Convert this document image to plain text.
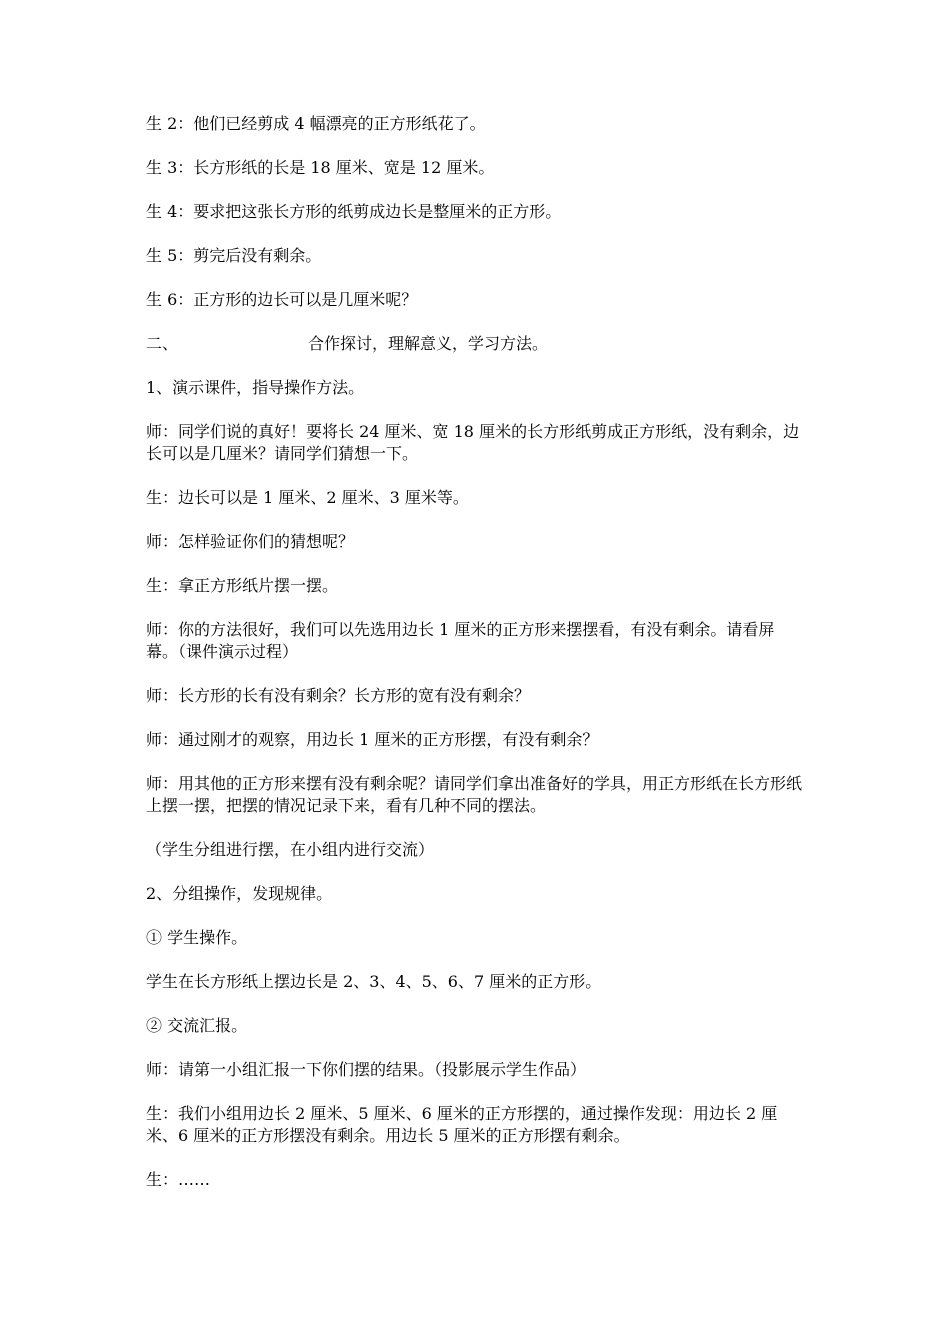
生 2：他们已经剪成 4 幅漂亮的正方形纸花了。

生 3：长方形纸的长是 18 厘米、宽是 12 厘米。

生 4：要求把这张长方形的纸剪成边长是整厘米的正方形。

生 5：剪完后没有剩余。

生 6：正方形的边长可以是几厘米呢？

二、	合作探讨，理解意义，学习方法。

1、演示课件，指导操作方法。

师：同学们说的真好！要将长 24 厘米、宽 18 厘米的长方形纸剪成正方形纸，没有剩余，边长可以是几厘米？请同学们猜想一下。

生：边长可以是 1 厘米、2 厘米、3 厘米等。

师：怎样验证你们的猜想呢？

生：拿正方形纸片摆一摆。

师：你的方法很好，我们可以先选用边长 1 厘米的正方形来摆摆看，有没有剩余。请看屏幕。（课件演示过程）

师：长方形的长有没有剩余？长方形的宽有没有剩余？

师：通过刚才的观察，用边长 1 厘米的正方形摆，有没有剩余？

师：用其他的正方形来摆有没有剩余呢？请同学们拿出准备好的学具，用正方形纸在长方形纸上摆一摆，把摆的情况记录下来，看有几种不同的摆法。

（学生分组进行摆，在小组内进行交流）

2、分组操作，发现规律。

① 学生操作。

学生在长方形纸上摆边长是 2、3、4、5、6、7 厘米的正方形。

② 交流汇报。

师：请第一小组汇报一下你们摆的结果。（投影展示学生作品）

生：我们小组用边长 2 厘米、5 厘米、6 厘米的正方形摆的，通过操作发现：用边长 2 厘米、6 厘米的正方形摆没有剩余。用边长 5 厘米的正方形摆有剩余。

生：……
